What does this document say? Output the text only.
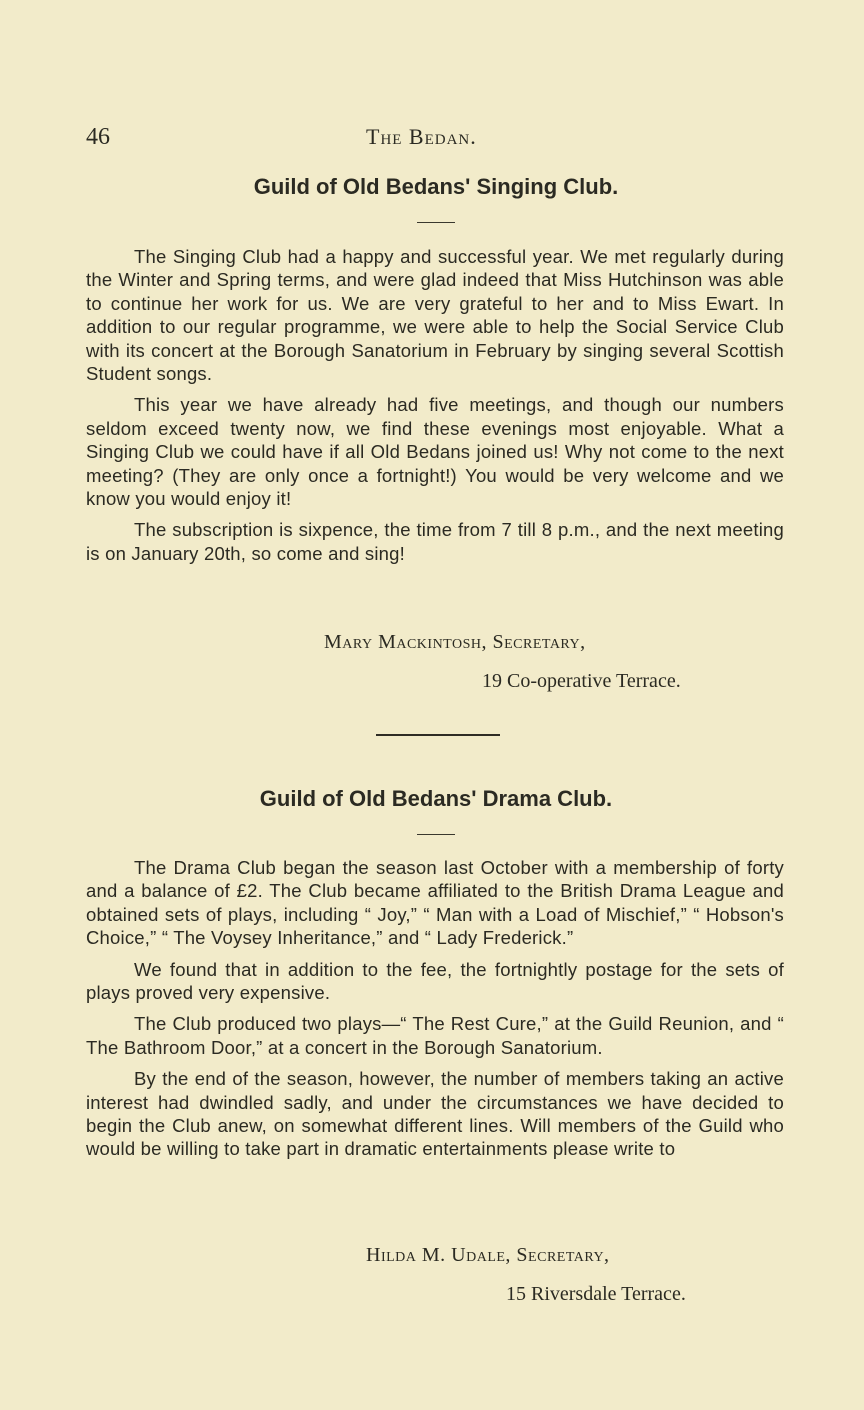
46	The Bedan.
Guild of Old Bedans' Singing Club.

The Singing Club had a happy and successful year. We met regularly during the Winter and Spring terms, and were glad indeed that Miss Hutchinson was able to continue her work for us. We are very grateful to her and to Miss Ewart. In addition to our regular programme, we were able to help the Social Service Club with its concert at the Borough Sanatorium in February by singing several Scottish Student songs.

This year we have already had five meetings, and though our numbers seldom exceed twenty now, we find these evenings most enjoyable. What a Singing Club we could have if all Old Bedans joined us! Why not come to the next meeting? (They are only once a fortnight!) You would be very welcome and we know you would enjoy it!

The subscription is sixpence, the time from 7 till 8 p.m., and the next meeting is on January 20th, so come and sing!

Mary Mackintosh, Secretary,
19 Co-operative Terrace.
Guild of Old Bedans' Drama Club.

The Drama Club began the season last October with a membership of forty and a balance of £2. The Club became affiliated to the British Drama League and obtained sets of plays, including “ Joy,” “ Man with a Load of Mischief,” “ Hobson's Choice,” “ The Voysey Inheritance,” and “ Lady Frederick.”

We found that in addition to the fee, the fortnightly postage for the sets of plays proved very expensive.

The Club produced two plays—“ The Rest Cure,” at the Guild Reunion, and “ The Bathroom Door,” at a concert in the Borough Sanatorium.

By the end of the season, however, the number of members taking an active interest had dwindled sadly, and under the circumstances we have decided to begin the Club anew, on somewhat different lines. Will members of the Guild who would be willing to take part in dramatic entertainments please write to

Hilda M. Udale, Secretary,
15 Riversdale Terrace.
